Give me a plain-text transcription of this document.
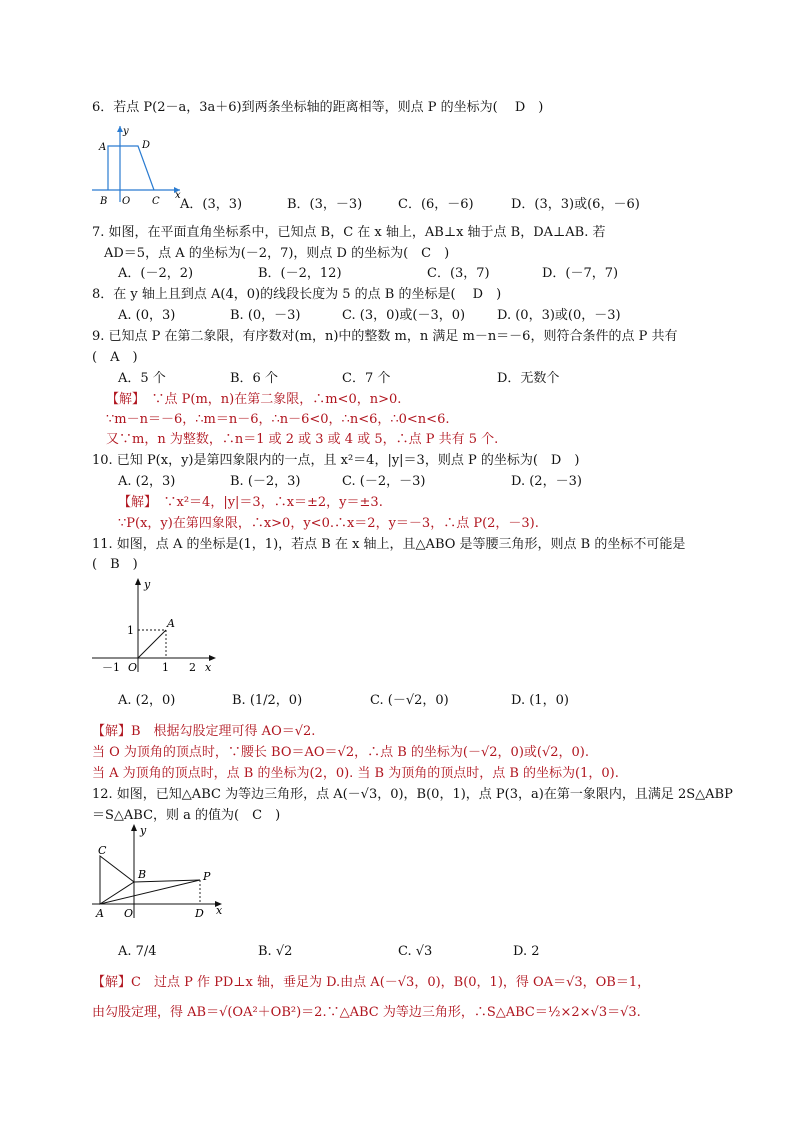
6．若点 P(2－a，3a＋6)到两条坐标轴的距离相等，则点 P 的坐标为(　 D　)
y
A	D
B O C
x
A．(3，3)	B．(3，－3)	C．(6，－6)	D．(3，3)或(6，－6)
7. 如图，在平面直角坐标系中，已知点 B，C 在 x 轴上，AB⊥x 轴于点 B，DA⊥AB. 若
AD＝5，点 A 的坐标为(－2，7)，则点 D 的坐标为(　C　)
A．(－2，2)	B．(－2，12)	C．(3，7)	D．(－7，7)
8．在 y 轴上且到点 A(4，0)的线段长度为 5 的点 B 的坐标是(　 D　)
A. (0，3)	B. (0，－3)	C. (3，0)或(－3，0) D. (0，3)或(0，－3)
9. 已知点 P 在第二象限，有序数对(m，n)中的整数 m，n 满足 m－n＝－6，则符合条件的点 P 共有
(　A　)
A．5 个	B．6 个	C．7 个	D．无数个
【解】　∵点 P(m，n)在第二象限，∴m<0，n>0.
∵m－n＝－6，∴m＝n－6，∴n－6<0，∴n<6，∴0<n<6.
又∵m，n 为整数，∴n＝1 或 2 或 3 或 4 或 5，∴点 P 共有 5 个.
10. 已知 P(x，y)是第四象限内的一点，且 x²＝4，|y|＝3，则点 P 的坐标为(　D　)
A. (2，3)	B. (－2，3)	C. (－2，－3)	D. (2，－3)
【解】　∵x²＝4，|y|＝3，∴x＝±2，y＝±3.
∵P(x，y)在第四象限，∴x>0，y<0.∴x＝2，y＝－3，∴点 P(2，－3).
11. 如图，点 A 的坐标是(1，1)，若点 B 在 x 轴上，且△ABO 是等腰三角形，则点 B 的坐标不可能是
(　B　)
y
1
A
－1 O 1 2 x
A. (2，0)	B. (1/2，0)	C. (－√2，0)	D. (1，0)
【解】B　根据勾股定理可得 AO＝√2.
当 O 为顶角的顶点时，∵腰长 BO＝AO＝√2，∴点 B 的坐标为(－√2，0)或(√2，0).
当 A 为顶角的顶点时，点 B 的坐标为(2，0). 当 B 为顶角的顶点时，点 B 的坐标为(1，0).
12. 如图，已知△ABC 为等边三角形，点 A(－√3，0)，B(0，1)，点 P(3，a)在第一象限内，且满足 2S△ABP
＝S△ABC，则 a 的值为(　C　)
y
C
B	P
A O	D x
A. 7/4	B. √2	C. √3	D. 2
【解】C　过点 P 作 PD⊥x 轴，垂足为 D.由点 A(－√3，0)，B(0，1)，得 OA＝√3，OB＝1，
由勾股定理，得 AB＝√(OA²＋OB²)＝2.∵△ABC 为等边三角形，∴S△ABC＝½×2×√3＝√3.
